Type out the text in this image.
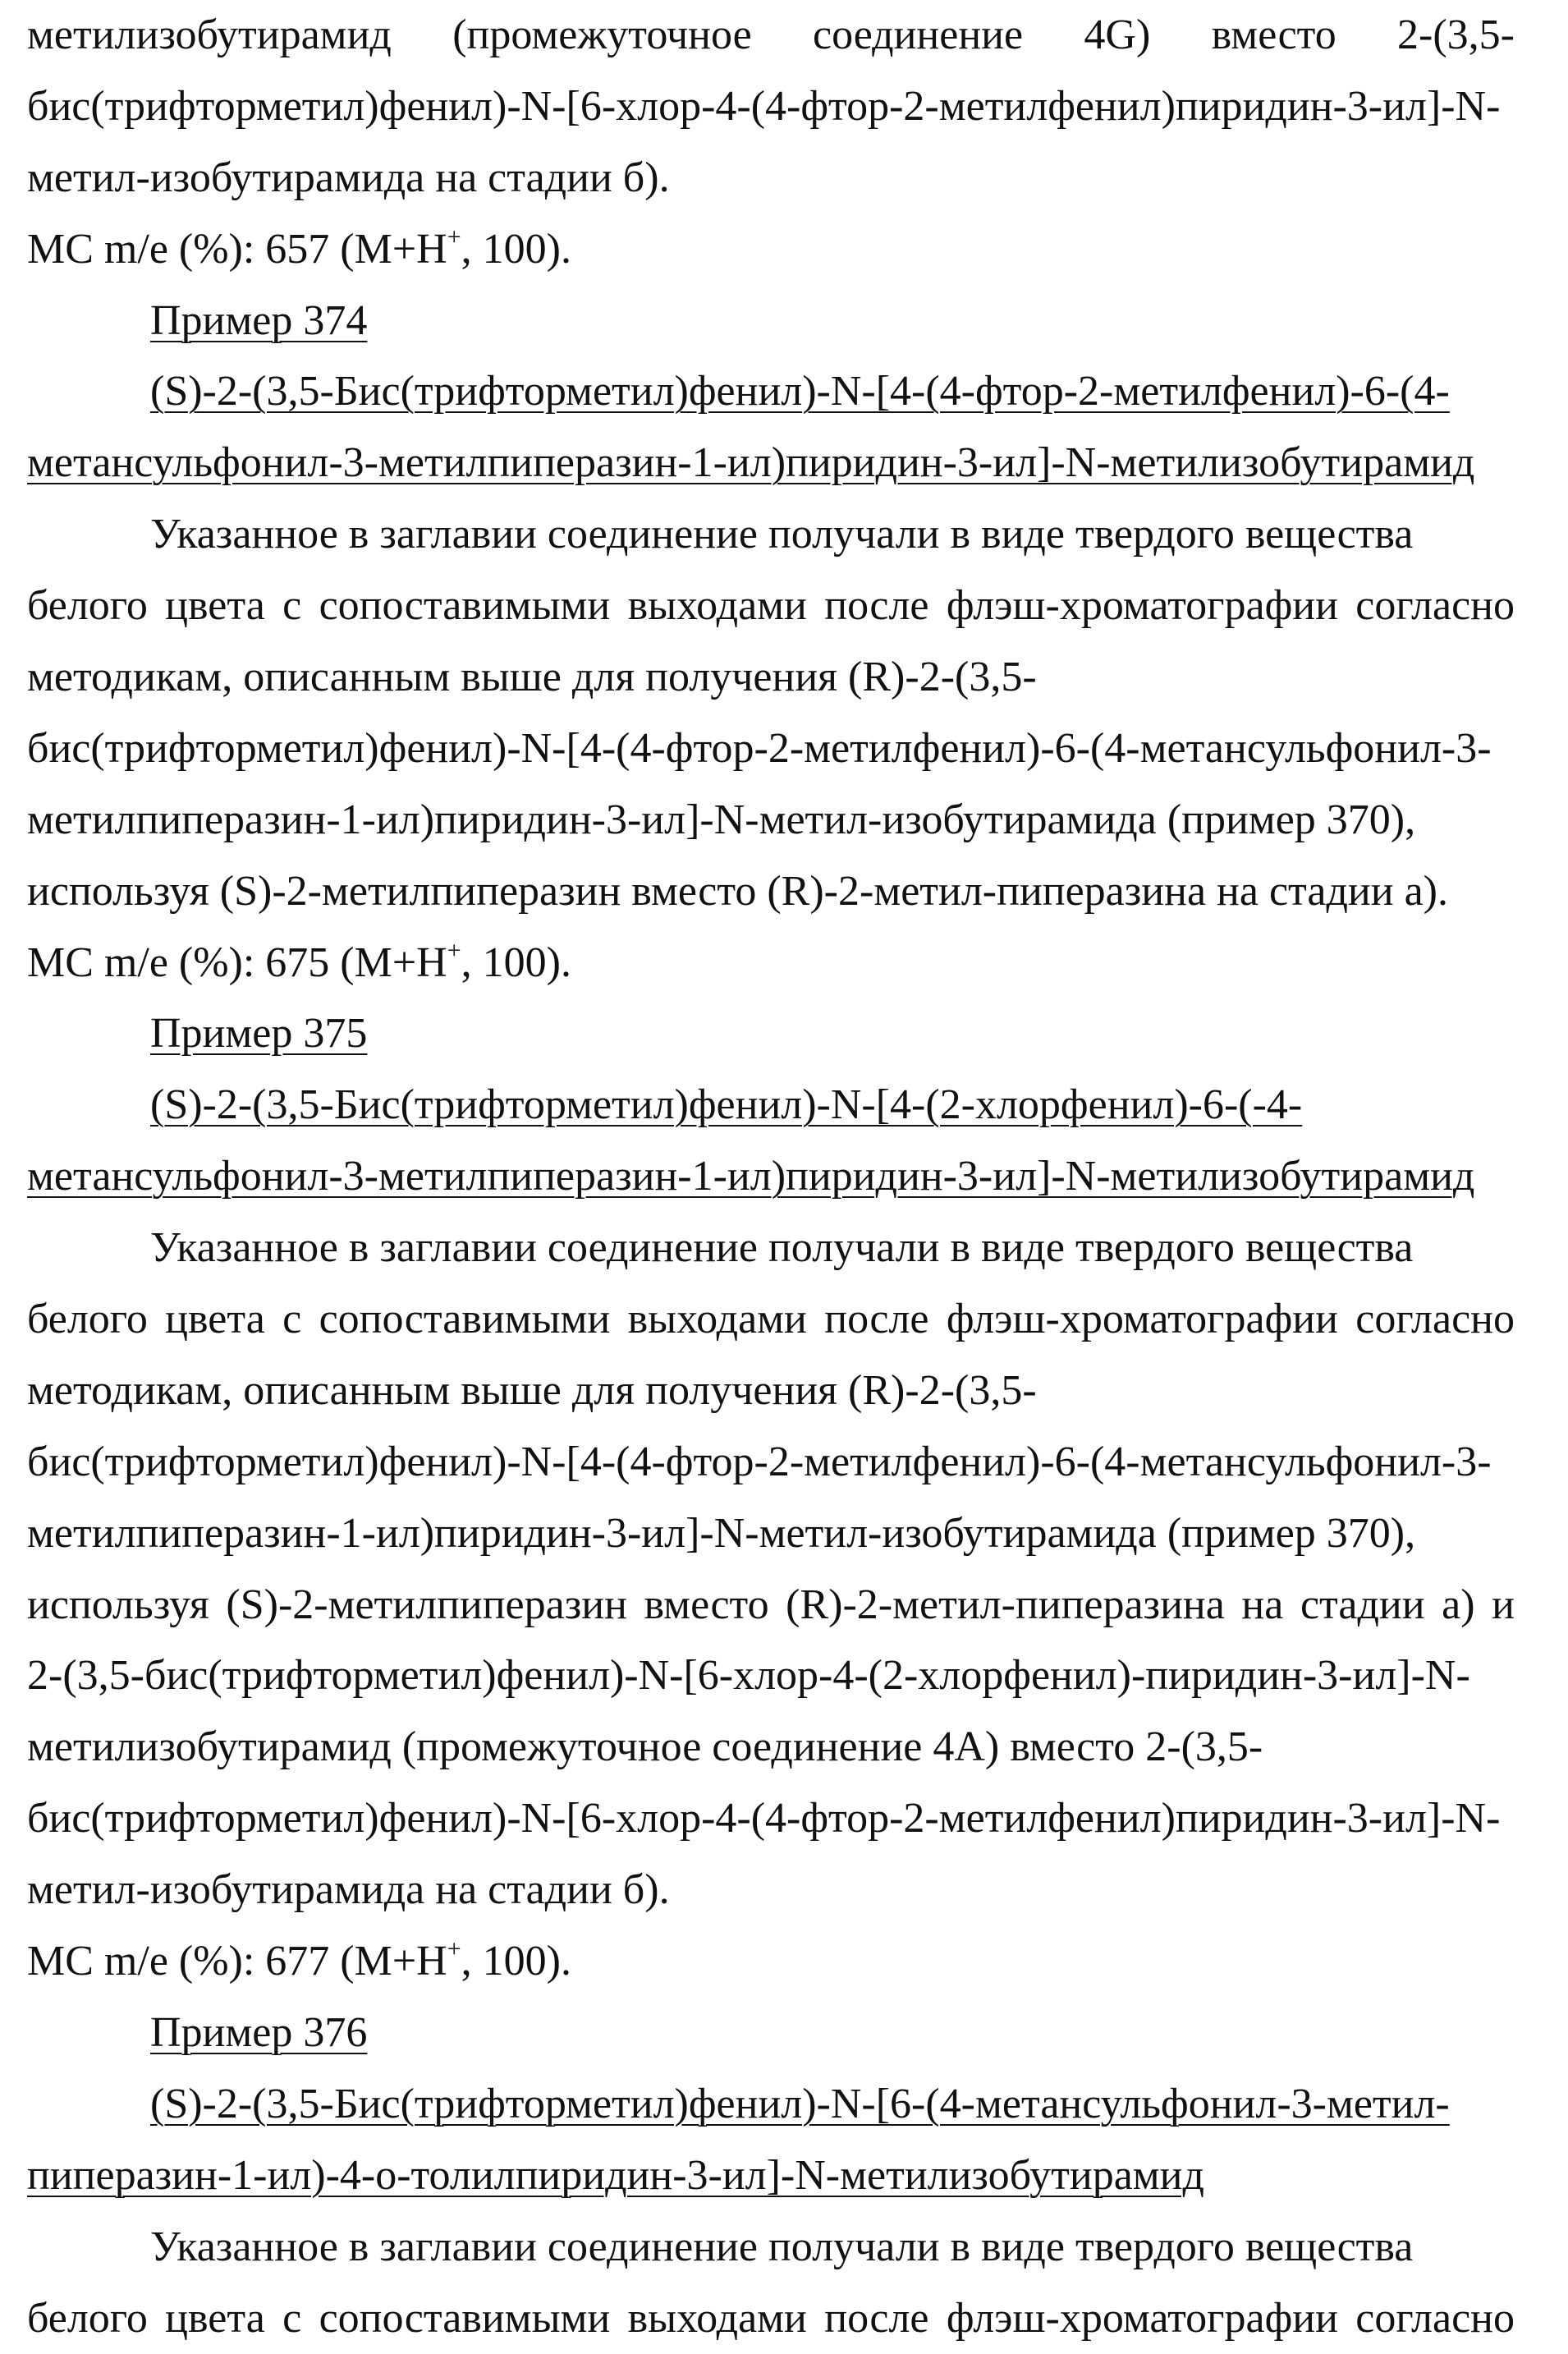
метилизобутирамид (промежуточное соединение 4G) вместо 2-(3,5-
бис(трифторметил)фенил)-N-[6-хлор-4-(4-фтор-2-метилфенил)пиридин-3-ил]-N-
метил-изобутирамида на стадии б).
МС m/e (%): 657 (M+H+, 100).
Пример 374
(S)-2-(3,5-Бис(трифторметил)фенил)-N-[4-(4-фтор-2-метилфенил)-6-(4-
метансульфонил-3-метилпиперазин-1-ил)пиридин-3-ил]-N-метилизобутирамид
Указанное в заглавии соединение получали в виде твердого вещества
белого цвета с сопоставимыми выходами после флэш-хроматографии согласно
методикам, описанным выше для получения (R)-2-(3,5-
бис(трифторметил)фенил)-N-[4-(4-фтор-2-метилфенил)-6-(4-метансульфонил-3-
метилпиперазин-1-ил)пиридин-3-ил]-N-метил-изобутирамида (пример 370),
используя (S)-2-метилпиперазин вместо (R)-2-метил-пиперазина на стадии а).
МС m/e (%): 675 (M+H+, 100).
Пример 375
(S)-2-(3,5-Бис(трифторметил)фенил)-N-[4-(2-хлорфенил)-6-(-4-
метансульфонил-3-метилпиперазин-1-ил)пиридин-3-ил]-N-метилизобутирамид
Указанное в заглавии соединение получали в виде твердого вещества
белого цвета с сопоставимыми выходами после флэш-хроматографии согласно
методикам, описанным выше для получения (R)-2-(3,5-
бис(трифторметил)фенил)-N-[4-(4-фтор-2-метилфенил)-6-(4-метансульфонил-3-
метилпиперазин-1-ил)пиридин-3-ил]-N-метил-изобутирамида (пример 370),
используя (S)-2-метилпиперазин вместо (R)-2-метил-пиперазина на стадии а) и
2-(3,5-бис(трифторметил)фенил)-N-[6-хлор-4-(2-хлорфенил)-пиридин-3-ил]-N-
метилизобутирамид (промежуточное соединение 4A) вместо 2-(3,5-
бис(трифторметил)фенил)-N-[6-хлор-4-(4-фтор-2-метилфенил)пиридин-3-ил]-N-
метил-изобутирамида на стадии б).
МС m/e (%): 677 (M+H+, 100).
Пример 376
(S)-2-(3,5-Бис(трифторметил)фенил)-N-[6-(4-метансульфонил-3-метил-
пиперазин-1-ил)-4-о-толилпиридин-3-ил]-N-метилизобутирамид
Указанное в заглавии соединение получали в виде твердого вещества
белого цвета с сопоставимыми выходами после флэш-хроматографии согласно
